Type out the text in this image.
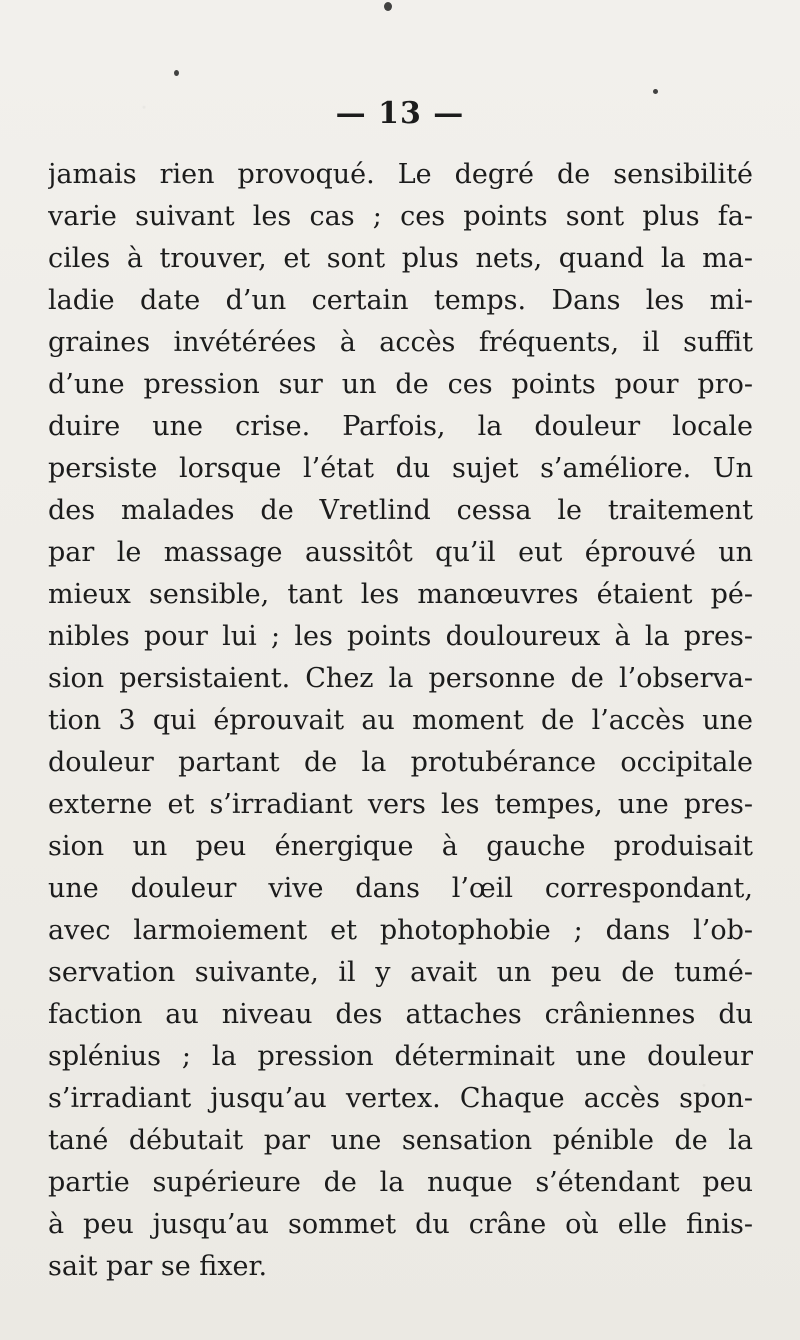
— 13 —
jamais rien provoqué. Le degré de sensibilité
varie suivant les cas ; ces points sont plus fa-
ciles à trouver, et sont plus nets, quand la ma-
ladie date d’un certain temps. Dans les mi-
graines invétérées à accès fréquents, il suffit
d’une pression sur un de ces points pour pro-
duire une crise. Parfois, la douleur locale
persiste lorsque l’état du sujet s’améliore. Un
des malades de Vretlind cessa le traitement
par le massage aussitôt qu’il eut éprouvé un
mieux sensible, tant les manœuvres étaient pé-
nibles pour lui ; les points douloureux à la pres-
sion persistaient. Chez la personne de l’observa-
tion 3 qui éprouvait au moment de l’accès une
douleur partant de la protubérance occipitale
externe et s’irradiant vers les tempes, une pres-
sion un peu énergique à gauche produisait
une douleur vive dans l’œil correspondant,
avec larmoiement et photophobie ; dans l’ob-
servation suivante, il y avait un peu de tumé-
faction au niveau des attaches crâniennes du
splénius ; la pression déterminait une douleur
s’irradiant jusqu’au vertex. Chaque accès spon-
tané débutait par une sensation pénible de la
partie supérieure de la nuque s’étendant peu
à peu jusqu’au sommet du crâne où elle finis-
sait par se fixer.
